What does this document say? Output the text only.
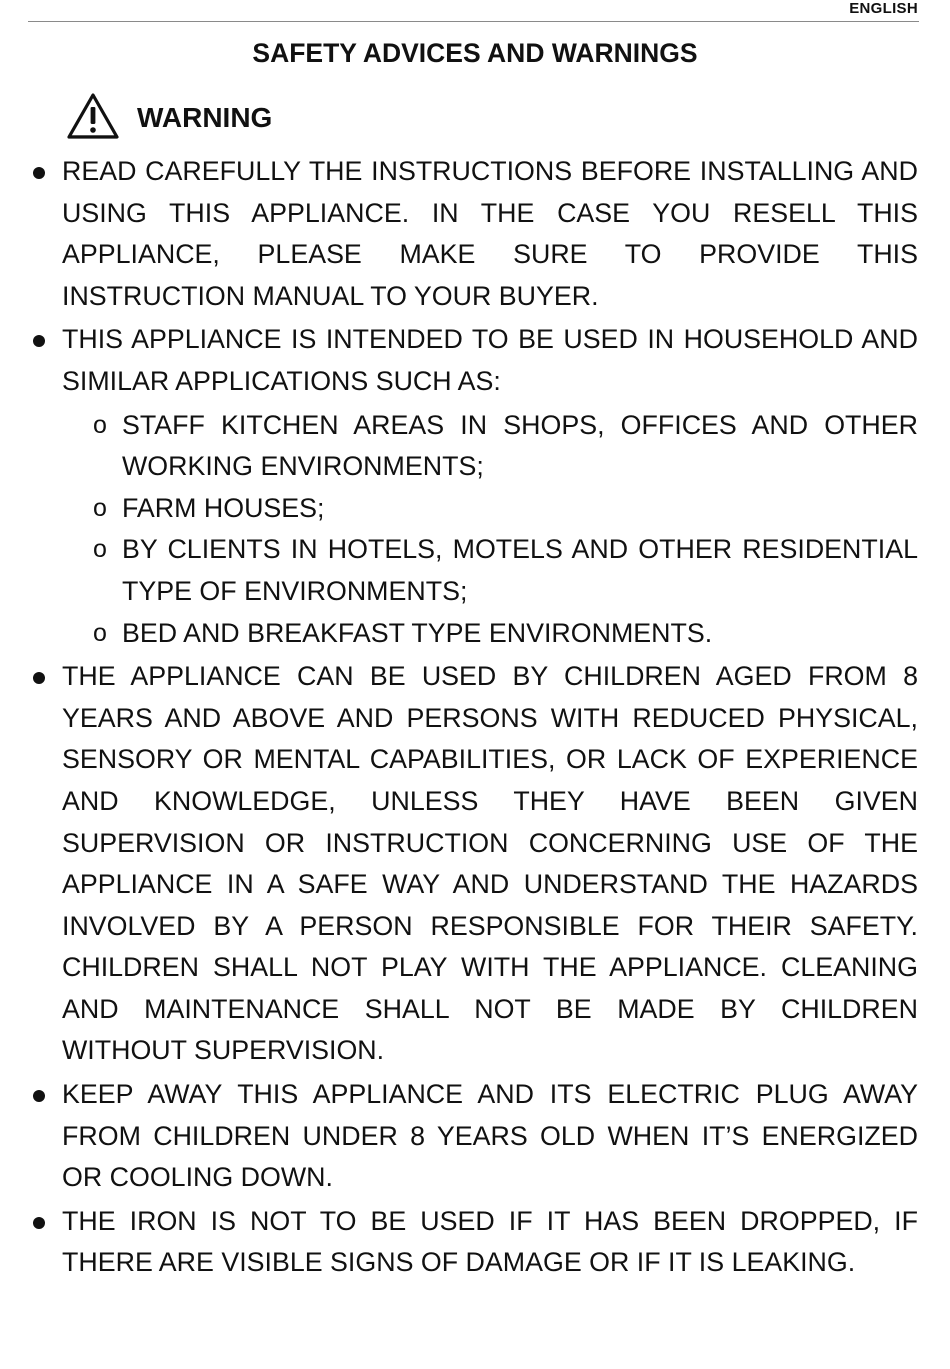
ENGLISH
SAFETY ADVICES AND WARNINGS
WARNING
READ CAREFULLY THE INSTRUCTIONS BEFORE INSTALLING AND USING THIS APPLIANCE. IN THE CASE YOU RESELL THIS APPLIANCE, PLEASE MAKE SURE TO PROVIDE THIS INSTRUCTION MANUAL TO YOUR BUYER.
THIS APPLIANCE IS INTENDED TO BE USED IN HOUSEHOLD AND SIMILAR APPLICATIONS SUCH AS:
o STAFF KITCHEN AREAS IN SHOPS, OFFICES AND OTHER WORKING ENVIRONMENTS;
o FARM HOUSES;
o BY CLIENTS IN HOTELS, MOTELS AND OTHER RESIDENTIAL TYPE OF ENVIRONMENTS;
o BED AND BREAKFAST TYPE ENVIRONMENTS.
THE APPLIANCE CAN BE USED BY CHILDREN AGED FROM 8 YEARS AND ABOVE AND PERSONS WITH REDUCED PHYSICAL, SENSORY OR MENTAL CAPABILITIES, OR LACK OF EXPERIENCE AND KNOWLEDGE, UNLESS THEY HAVE BEEN GIVEN SUPERVISION OR INSTRUCTION CONCERNING USE OF THE APPLIANCE IN A SAFE WAY AND UNDERSTAND THE HAZARDS INVOLVED BY A PERSON RESPONSIBLE FOR THEIR SAFETY. CHILDREN SHALL NOT PLAY WITH THE APPLIANCE. CLEANING AND MAINTENANCE SHALL NOT BE MADE BY CHILDREN WITHOUT SUPERVISION.
KEEP AWAY THIS APPLIANCE AND ITS ELECTRIC PLUG AWAY FROM CHILDREN UNDER 8 YEARS OLD WHEN IT’S ENERGIZED OR COOLING DOWN.
THE IRON IS NOT TO BE USED IF IT HAS BEEN DROPPED, IF THERE ARE VISIBLE SIGNS OF DAMAGE OR IF IT IS LEAKING.
